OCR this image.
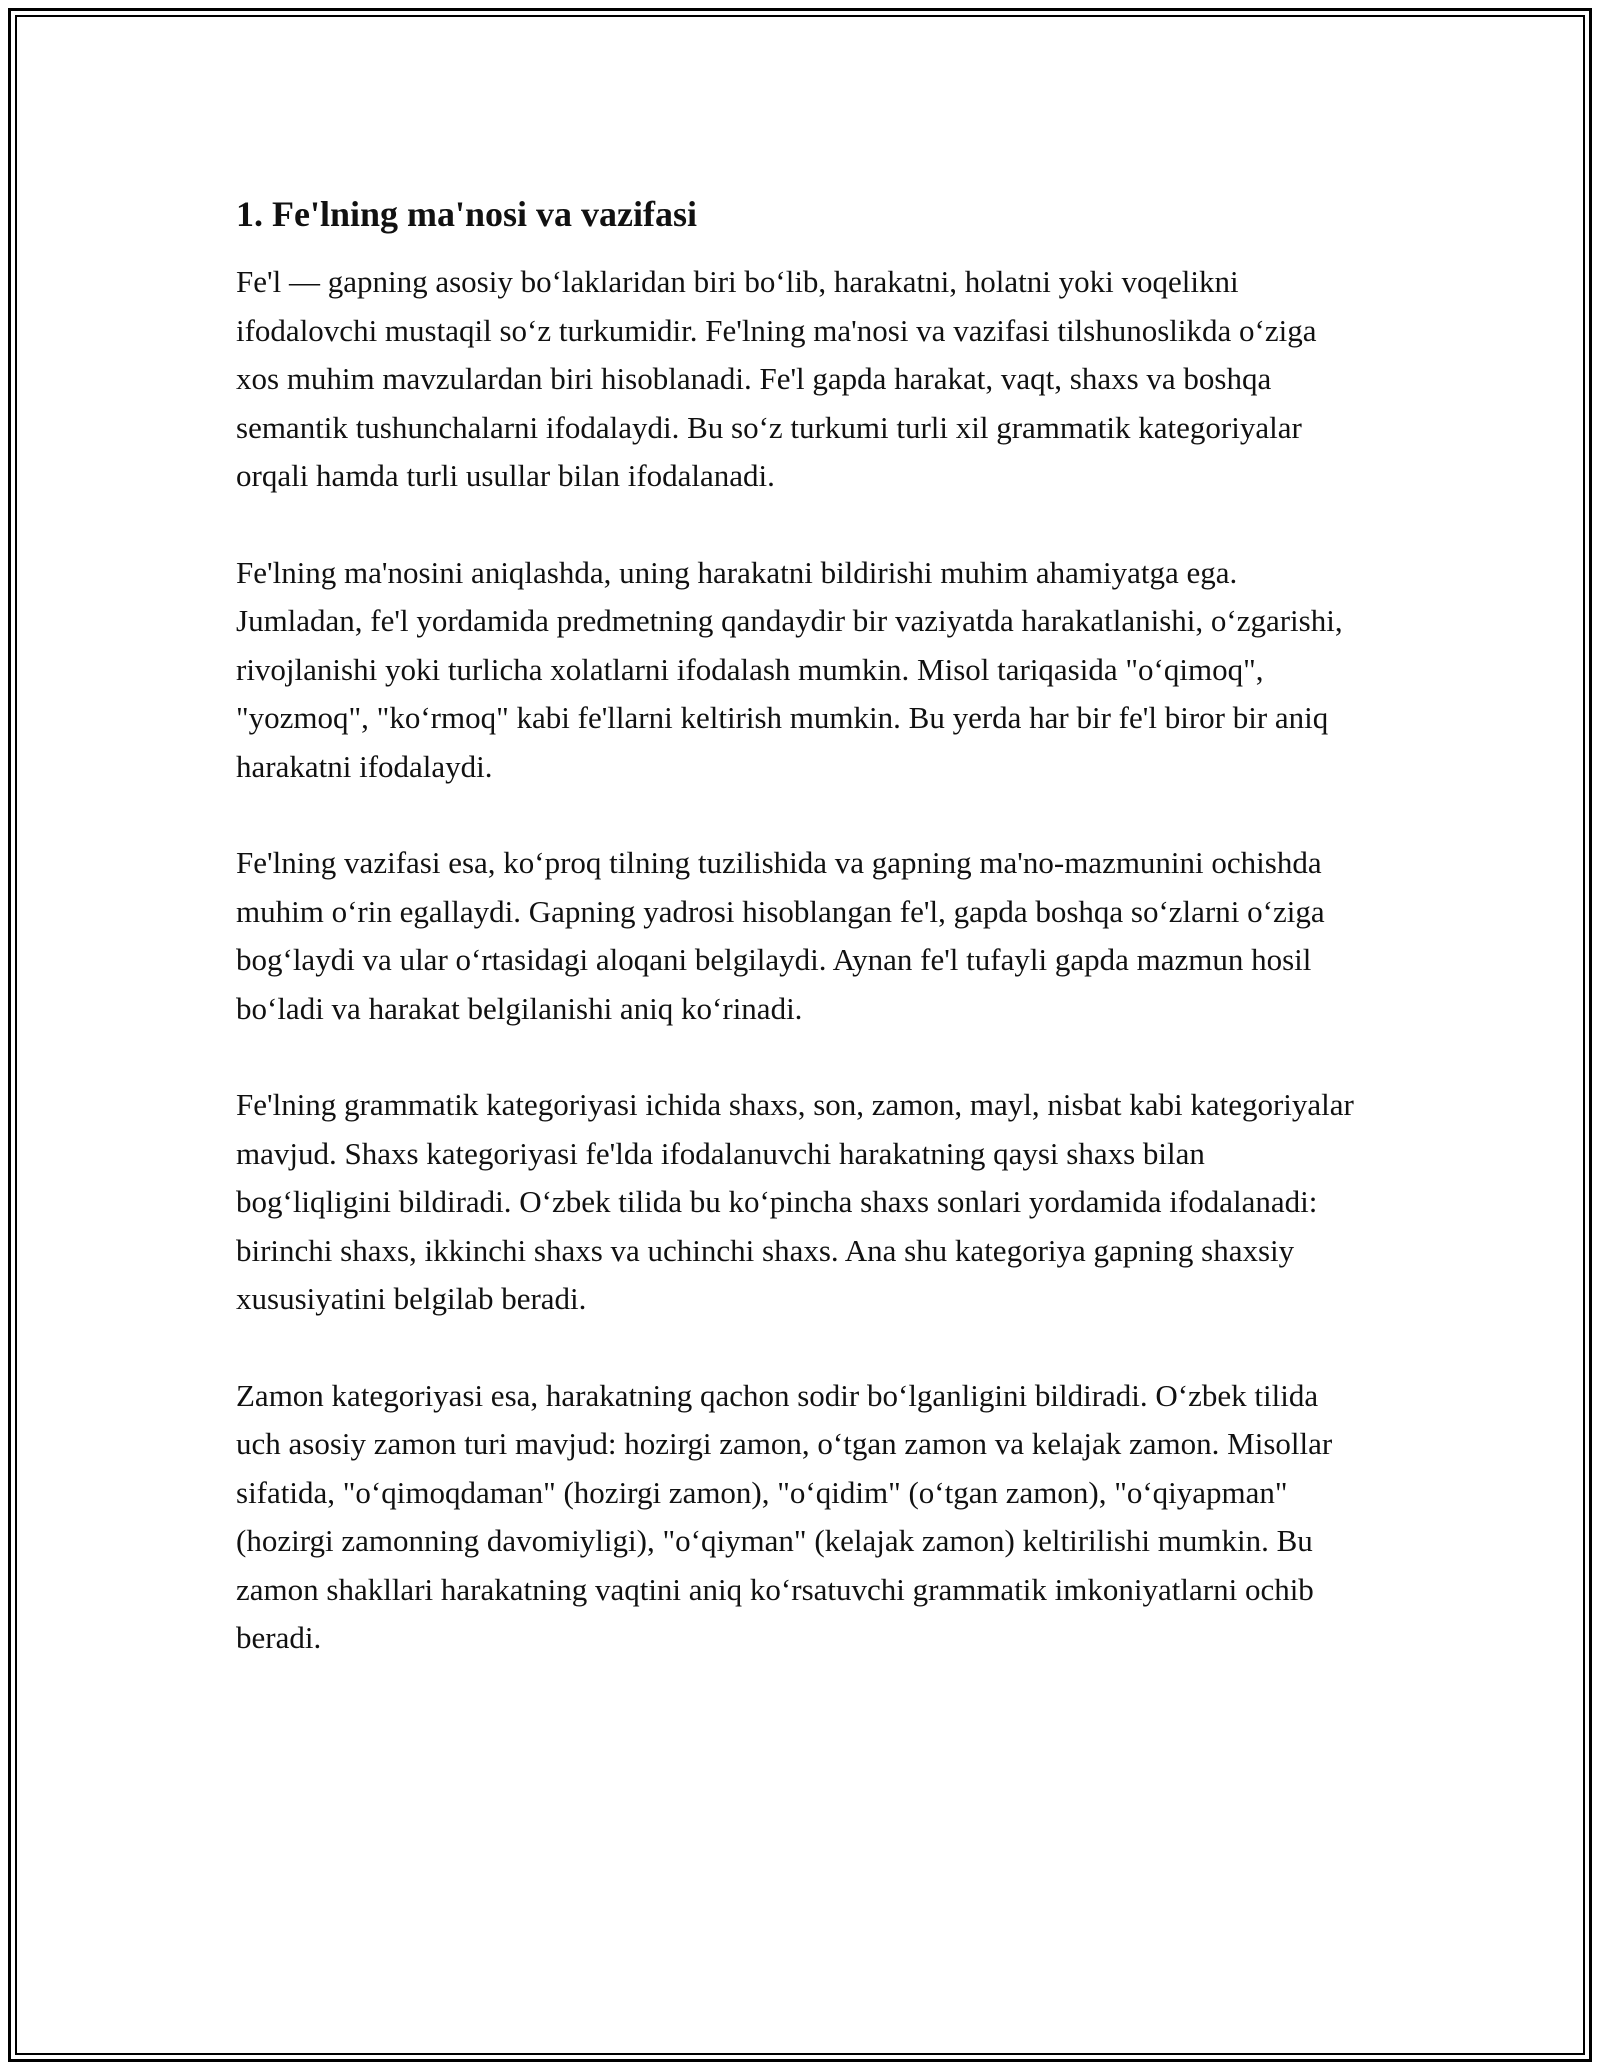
1. Fe'lning ma'nosi va vazifasi

Fe'l — gapning asosiy bo‘laklaridan biri bo‘lib, harakatni, holatni yoki voqelikni ifodalovchi mustaqil so‘z turkumidir. Fe'lning ma'nosi va vazifasi tilshunoslikda o‘ziga xos muhim mavzulardan biri hisoblanadi. Fe'l gapda harakat, vaqt, shaxs va boshqa semantik tushunchalarni ifodalaydi. Bu so‘z turkumi turli xil grammatik kategoriyalar orqali hamda turli usullar bilan ifodalanadi.

Fe'lning ma'nosini aniqlashda, uning harakatni bildirishi muhim ahamiyatga ega. Jumladan, fe'l yordamida predmetning qandaydir bir vaziyatda harakatlanishi, o‘zgarishi, rivojlanishi yoki turlicha xolatlarni ifodalash mumkin. Misol tariqasida "o‘qimoq", "yozmoq", "ko‘rmoq" kabi fe'llarni keltirish mumkin. Bu yerda har bir fe'l biror bir aniq harakatni ifodalaydi.

Fe'lning vazifasi esa, ko‘proq tilning tuzilishida va gapning ma'no-mazmunini ochishda muhim o‘rin egallaydi. Gapning yadrosi hisoblangan fe'l, gapda boshqa so‘zlarni o‘ziga bog‘laydi va ular o‘rtasidagi aloqani belgilaydi. Aynan fe'l tufayli gapda mazmun hosil bo‘ladi va harakat belgilanishi aniq ko‘rinadi.

Fe'lning grammatik kategoriyasi ichida shaxs, son, zamon, mayl, nisbat kabi kategoriyalar mavjud. Shaxs kategoriyasi fe'lda ifodalanuvchi harakatning qaysi shaxs bilan bog‘liqligini bildiradi. O‘zbek tilida bu ko‘pincha shaxs sonlari yordamida ifodalanadi: birinchi shaxs, ikkinchi shaxs va uchinchi shaxs. Ana shu kategoriya gapning shaxsiy xususiyatini belgilab beradi.

Zamon kategoriyasi esa, harakatning qachon sodir bo‘lganligini bildiradi. O‘zbek tilida uch asosiy zamon turi mavjud: hozirgi zamon, o‘tgan zamon va kelajak zamon. Misollar sifatida, "o‘qimoqdaman" (hozirgi zamon), "o‘qidim" (o‘tgan zamon), "o‘qiyapman" (hozirgi zamonning davomiyligi), "o‘qiyman" (kelajak zamon) keltirilishi mumkin. Bu zamon shakllari harakatning vaqtini aniq ko‘rsatuvchi grammatik imkoniyatlarni ochib beradi.
